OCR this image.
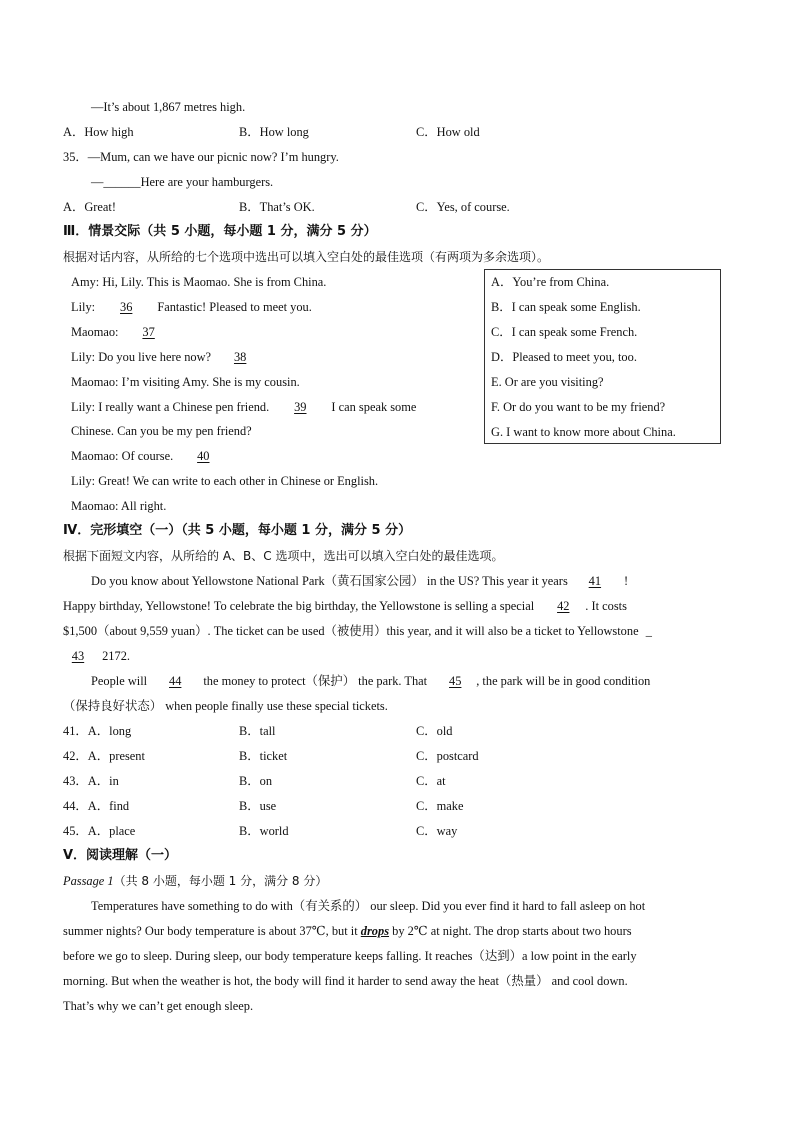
—It’s about 1,867 metres high.
A．How high	B．How long	C．How old
35．—Mum, can we have our picnic now? I’m hungry.
—______Here are your hamburgers.
A．Great!	B．That’s OK.	C．Yes, of course.
Ⅲ．情景交际（共 5 小题，每小题 1 分，满分 5 分）
根据对话内容，从所给的七个选项中选出可以填入空白处的最佳选项（有两项为多余选项）。
Amy: Hi, Lily. This is Maomao. She is from China.
Lily: 36 Fantastic! Pleased to meet you.
Maomao: 37
Lily: Do you live here now? 38
Maomao: I’m visiting Amy. She is my cousin.
Lily: I really want a Chinese pen friend. 39 I can speak some
Chinese. Can you be my pen friend?
Maomao: Of course. 40
Lily: Great! We can write to each other in Chinese or English.
Maomao: All right.
A．You’re from China.
B．I can speak some English.
C．I can speak some French.
D．Pleased to meet you, too.
E. Or are you visiting?
F. Or do you want to be my friend?
G. I want to know more about China.
Ⅳ．完形填空（一）（共 5 小题，每小题 1 分，满分 5 分）
根据下面短文内容，从所给的 A、B、C 选项中，选出可以填入空白处的最佳选项。
Do you know about Yellowstone National Park（黄石国家公园） in the US? This year it years 41 !
Happy birthday, Yellowstone! To celebrate the big birthday, the Yellowstone is selling a special 42 . It costs
$1,500（about 9,559 yuan）. The ticket can be used（被使用）this year, and it will also be a ticket to Yellowstone _
43 2172.
People will 44 the money to protect（保护） the park. That 45 , the park will be in good condition
（保持良好状态） when people finally use these special tickets.
41．A．long	B．tall	C．old
42．A．present	B．ticket	C．postcard
43．A．in	B．on	C．at
44．A．find	B．use	C．make
45．A．place	B．world	C．way
Ⅴ．阅读理解（一）
Passage 1（共 8 小题，每小题 1 分，满分 8 分）
Temperatures have something to do with（有关系的） our sleep. Did you ever find it hard to fall asleep on hot
summer nights? Our body temperature is about 37℃, but it drops by 2℃ at night. The drop starts about two hours
before we go to sleep. During sleep, our body temperature keeps falling. It reaches（达到）a low point in the early
morning. But when the weather is hot, the body will find it harder to send away the heat（热量） and cool down.
That’s why we can’t get enough sleep.
